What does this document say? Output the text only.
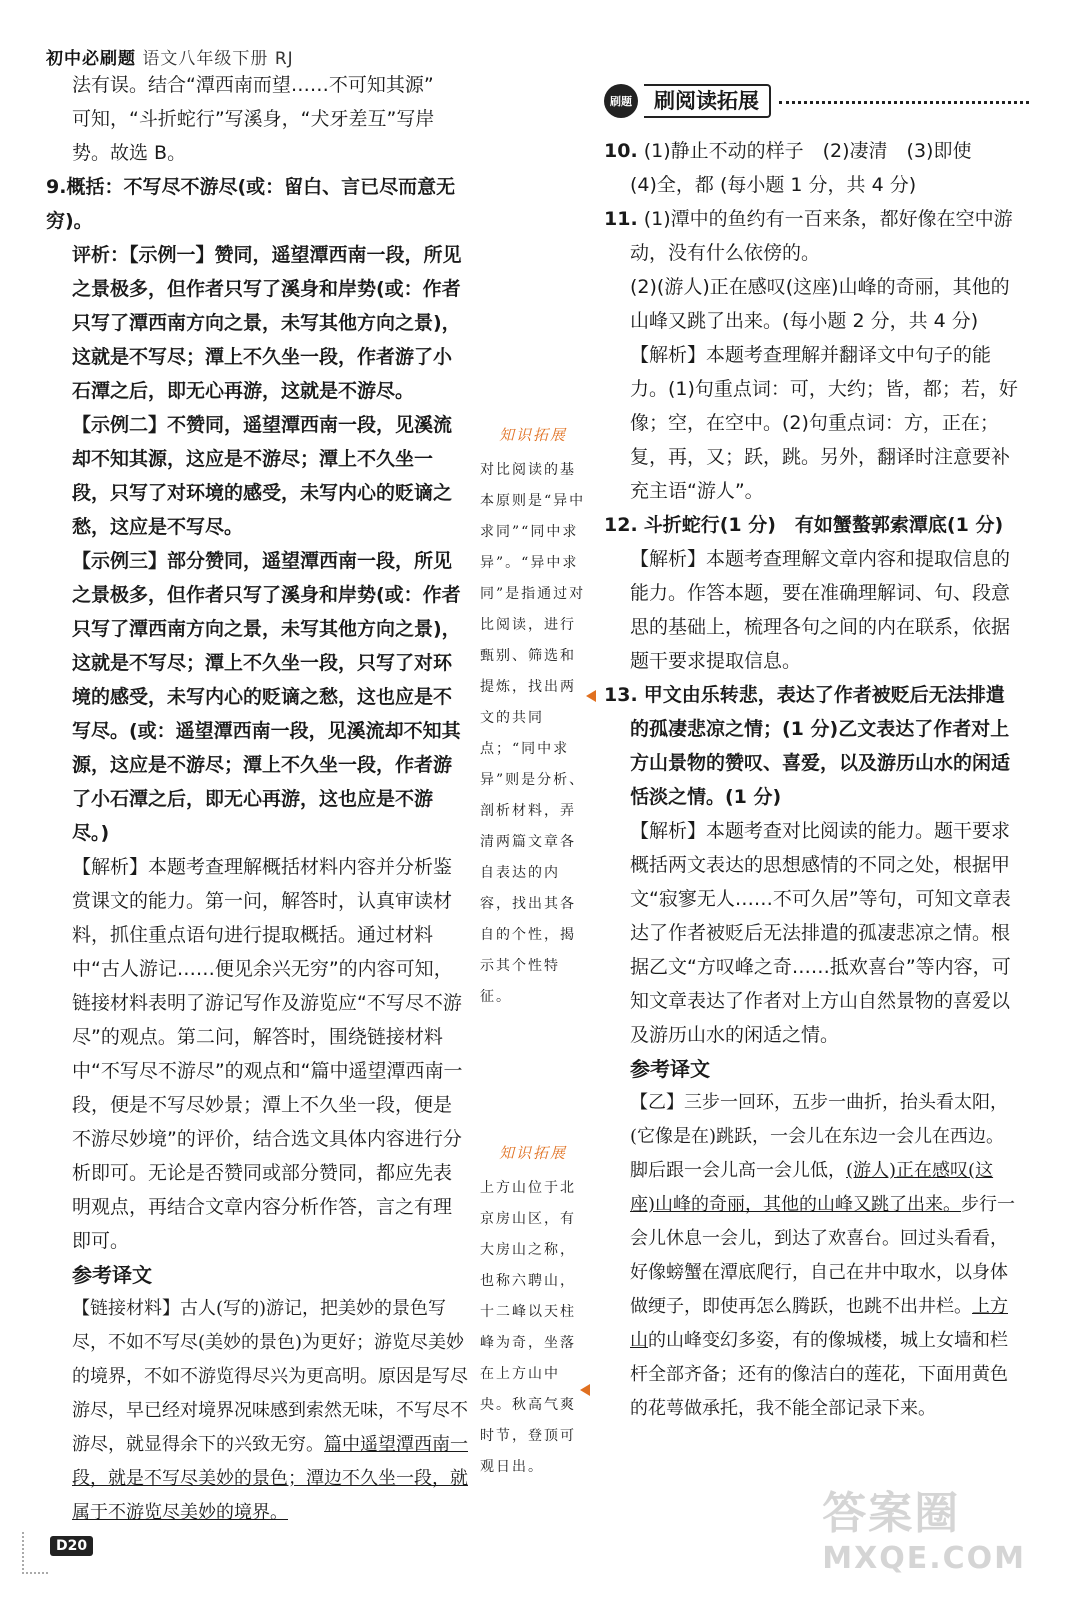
初中必刷题 语文八年级下册 RJ

法有误。结合“潭西南而望……不可知其源”

可知，“斗折蛇行”写溪身，“犬牙差互”写岸

势。故选 B。

9.概括：不写尽不游尽(或：留白、言已尽而意无穷)。

评析：【示例一】赞同，遥望潭西南一段，所见之景极多，但作者只写了溪身和岸势(或：作者只写了潭西南方向之景，未写其他方向之景)，这就是不写尽；潭上不久坐一段，作者游了小石潭之后，即无心再游，这就是不游尽。

【示例二】不赞同，遥望潭西南一段，见溪流却不知其源，这应是不游尽；潭上不久坐一段，只写了对环境的感受，未写内心的贬谪之愁，这应是不写尽。

【示例三】部分赞同，遥望潭西南一段，所见之景极多，但作者只写了溪身和岸势(或：作者只写了潭西南方向之景，未写其他方向之景)，这就是不写尽；潭上不久坐一段，只写了对环境的感受，未写内心的贬谪之愁，这也应是不写尽。(或：遥望潭西南一段，见溪流却不知其源，这应是不游尽；潭上不久坐一段，作者游了小石潭之后，即无心再游，这也应是不游尽。)

【解析】本题考查理解概括材料内容并分析鉴赏课文的能力。第一问，解答时，认真审读材料，抓住重点语句进行提取概括。通过材料中“古人游记……便见余兴无穷”的内容可知，链接材料表明了游记写作及游览应“不写尽不游尽”的观点。第二问，解答时，围绕链接材料中“不写尽不游尽”的观点和“篇中遥望潭西南一段，便是不写尽妙景；潭上不久坐一段，便是不游尽妙境”的评价，结合选文具体内容进行分析即可。无论是否赞同或部分赞同，都应先表明观点，再结合文章内容分析作答，言之有理即可。

参考译文

【链接材料】古人(写的)游记，把美妙的景色写尽，不如不写尽(美妙的景色)为更好；游览尽美妙的境界，不如不游览得尽兴为更高明。原因是写尽游尽，早已经对境界况味感到索然无味，不写尽不游尽，就显得余下的兴致无穷。篇中遥望潭西南一段，就是不写尽美妙的景色；潭边不久坐一段，就属于不游览尽美妙的境界。

知识拓展
对比阅读的基本原则是“异中求同”“同中求异”。“异中求同”是指通过对比阅读，进行甄别、筛选和提炼，找出两文的共同点；“同中求异”则是分析、剖析材料，弄清两篇文章各自表达的内容，找出其各自的个性，揭示其个性特征。
知识拓展
上方山位于北京房山区，有大房山之称，也称六聘山，十二峰以天柱峰为奇，坐落在上方山中央。秋高气爽时节，登顶可观日出。
刷题	刷阅读拓展

10. (1)静止不动的样子　(2)凄清　(3)即使

(4)全，都 (每小题 1 分，共 4 分)

11. (1)潭中的鱼约有一百来条，都好像在空中游动，没有什么依傍的。

(2)(游人)正在感叹(这座)山峰的奇丽，其他的山峰又跳了出来。(每小题 2 分，共 4 分)

【解析】本题考查理解并翻译文中句子的能力。(1)句重点词：可，大约；皆，都；若，好像；空，在空中。(2)句重点词：方，正在；复，再，又；跃，跳。另外，翻译时注意要补充主语“游人”。

12. 斗折蛇行(1 分)　有如蟹螯郭索潭底(1 分)

【解析】本题考查理解文章内容和提取信息的能力。作答本题，要在准确理解词、句、段意思的基础上，梳理各句之间的内在联系，依据题干要求提取信息。

13. 甲文由乐转悲，表达了作者被贬后无法排遣的孤凄悲凉之情；(1 分)乙文表达了作者对上方山景物的赞叹、喜爱，以及游历山水的闲适恬淡之情。(1 分)

【解析】本题考查对比阅读的能力。题干要求概括两文表达的思想感情的不同之处，根据甲文“寂寥无人……不可久居”等句，可知文章表达了作者被贬后无法排遣的孤凄悲凉之情。根据乙文“方叹峰之奇……抵欢喜台”等内容，可知文章表达了作者对上方山自然景物的喜爱以及游历山水的闲适之情。

参考译文

【乙】三步一回环，五步一曲折，抬头看太阳，(它像是在)跳跃，一会儿在东边一会儿在西边。脚后跟一会儿高一会儿低，(游人)正在感叹(这座)山峰的奇丽，其他的山峰又跳了出来。步行一会儿休息一会儿，到达了欢喜台。回过头看看，好像螃蟹在潭底爬行，自己在井中取水，以身体做绠子，即使再怎么腾跃，也跳不出井栏。上方山的山峰变幻多姿，有的像城楼，城上女墙和栏杆全部齐备；还有的像洁白的莲花，下面用黄色的花萼做承托，我不能全部记录下来。

D20
答案圈
MXQE.COM
